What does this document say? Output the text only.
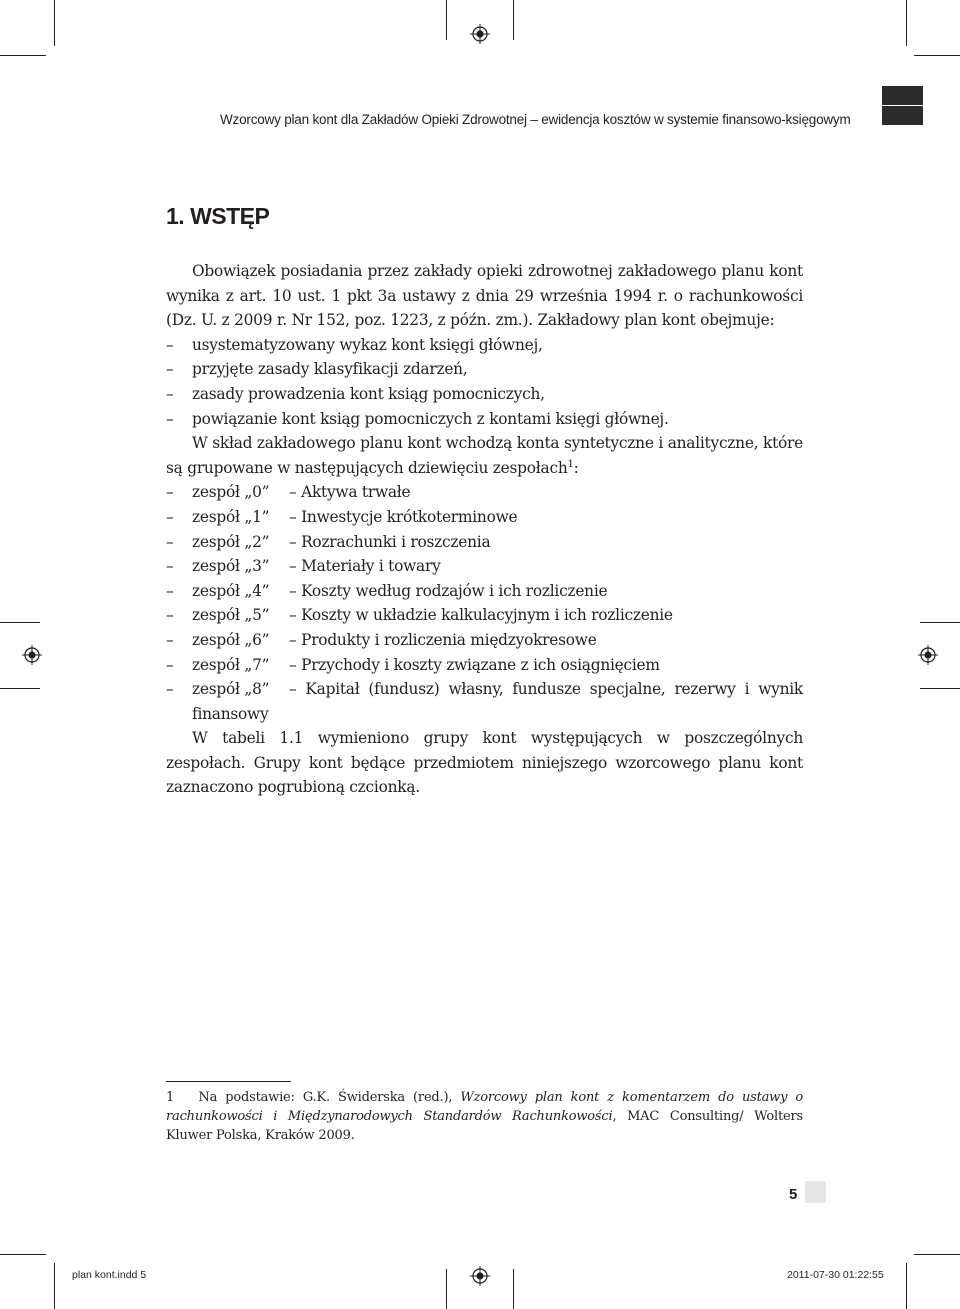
Wzorcowy plan kont dla Zakładów Opieki Zdrowotnej – ewidencja kosztów w systemie finansowo-księgowym
1. WSTĘP

Obowiązek posiadania przez zakłady opieki zdrowotnej zakładowego planu kont wynika z art. 10 ust. 1 pkt 3a ustawy z dnia 29 września 1994 r. o rachunkowości (Dz. U. z 2009 r. Nr 152, poz. 1223, z późn. zm.). Zakładowy plan kont obejmuje:

– usystematyzowany wykaz kont księgi głównej,
– przyjęte zasady klasyfikacji zdarzeń,
– zasady prowadzenia kont ksiąg pomocniczych,
– powiązanie kont ksiąg pomocniczych z kontami księgi głównej.

W skład zakładowego planu kont wchodzą konta syntetyczne i analityczne, które są grupowane w następujących dziewięciu zespołach$^1$:

– zespół „0” – Aktywa trwałe
– zespół „1” – Inwestycje krótkoterminowe
– zespół „2” – Rozrachunki i roszczenia
– zespół „3” – Materiały i towary
– zespół „4” – Koszty według rodzajów i ich rozliczenie
– zespół „5” – Koszty w układzie kalkulacyjnym i ich rozliczenie
– zespół „6” – Produkty i rozliczenia międzyokresowe
– zespół „7” – Przychody i koszty związane z ich osiągnięciem
– zespół „8” – Kapitał (fundusz) własny, fundusze specjalne, rezerwy i wynik finansowy

W tabeli 1.1 wymieniono grupy kont występujących w poszczególnych zespołach. Grupy kont będące przedmiotem niniejszego wzorcowego planu kont zaznaczono pogrubioną czcionką.

1 Na podstawie: G.K. Świderska (red.), Wzorcowy plan kont z komentarzem do ustawy o rachunkowości i Międzynarodowych Standardów Rachunkowości, MAC Consulting/ Wolters Kluwer Polska, Kraków 2009.
5
plan kont.indd 5	2011-07-30 01:22:55
